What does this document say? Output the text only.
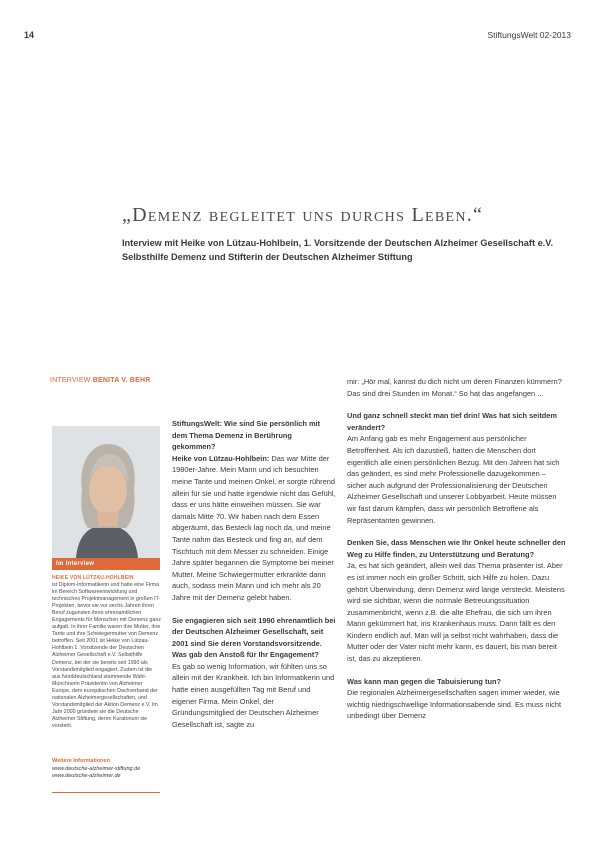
14	StiftungsWelt 02-2013
„Demenz begleitet uns durchs Leben.“
Interview mit Heike von Lützau-Hohlbein, 1. Vorsitzende der Deutschen Alzheimer Gesellschaft e.V.
Selbsthilfe Demenz und Stifterin der Deutschen Alzheimer Stiftung
INTERVIEW BENITA V. BEHR
Im Interview
HEIKE VON LÜTZAU-HOHLBEIN
ist Diplom-Informatikerin und hatte eine Firma im Bereich Softwareentwicklung und technisches Projektmanagement in großen IT-Projekten, bevor sie vor sechs Jahren ihren Beruf zugunsten ihres ehrenamtlichen Engagements für Menschen mit Demenz ganz aufgab. In ihrer Familie waren ihre Mutter, ihre Tante und ihre Schwiegermutter von Demenz betroffen. Seit 2001 ist Heike von Lützau-Hohlbein 1. Vorsitzende der Deutschen Alzheimer Gesellschaft e.V. Selbsthilfe Demenz, bei der sie bereits seit 1990 als Vorstandsmitglied engagiert. Zudem ist die aus Norddeutschland stammende Wahl-Münchnerin Präsidentin von Alzheimer Europe, dem europäischen Dachverband der nationalen Alzheimergesellschaften, und Vorstandsmitglied der Aktion Demenz e.V. Im Jahr 2000 gründete sie die Deutsche Alzheimer Stiftung, deren Kuratorium sie vorsteht.
Weitere Informationen
www.deutsche-alzheimer-stiftung.de
www.deutsche-alzheimer.de

StiftungsWelt: Wie sind Sie persönlich mit dem Thema Demenz in Berührung gekommen?

Heike von Lützau-Hohlbein: Das war Mitte der 1980er-Jahre. Mein Mann und ich besuchten meine Tante und meinen Onkel, er sorgte rührend allein für sie und hatte irgendwie nicht das Gefühl, dass er uns hätte einweihen müssen. Sie war damals Mitte 70. Wir haben nach dem Essen abgeräumt, das Besteck lag noch da, und meine Tante nahm das Besteck und fing an, auf dem Tischtuch mit dem Messer zu schneiden. Einige Jahre später begannen die Symptome bei meiner Mutter. Meine Schwiegermutter erkrankte dann auch, sodass mein Mann und ich mehr als 20 Jahre mit der Demenz gelebt haben.

Sie engagieren sich seit 1990 ehrenamtlich bei der Deutschen Alzheimer Gesellschaft, seit 2001 sind Sie deren Vorstandsvorsitzende. Was gab den Anstoß für Ihr Engagement?

Es gab so wenig Information, wir fühlten uns so allein mit der Krankheit. Ich bin Informatikerin und hatte einen ausgefüllten Tag mit Beruf und eigener Firma. Mein Onkel, der Gründungsmitglied der Deutschen Alzheimer Gesellschaft ist, sagte zu

mir: „Hör mal, kannst du dich nicht um deren Finanzen kümmern? Das sind drei Stunden im Monat.“ So hat das angefangen ...

Und ganz schnell steckt man tief drin! Was hat sich seitdem verändert?

Am Anfang gab es mehr Engagement aus persönlicher Betroffenheit. Als ich dazustieß, hatten die Menschen dort eigentlich alle einen persönlichen Bezug. Mit den Jahren hat sich das geändert, es sind mehr Professionelle dazugekommen – sicher auch aufgrund der Professionalisierung der Deutschen Alzheimer Gesellschaft und unserer Lobbyarbeit. Heute müssen wir fast darum kämpfen, dass wir persönlich Betroffene als Repräsentanten gewinnen.

Denken Sie, dass Menschen wie Ihr Onkel heute schneller den Weg zu Hilfe finden, zu Unterstützung und Beratung?

Ja, es hat sich geändert, allein weil das Thema präsenter ist. Aber es ist immer noch ein großer Schritt, sich Hilfe zu holen. Dazu gehört Überwindung, denn Demenz wird lange versteckt. Meistens wird sie sichtbar, wenn die normale Betreuungssituation zusammenbricht, wenn z.B. die alte Ehefrau, die sich um ihren Mann gekümmert hat, ins Krankenhaus muss. Dann fällt es den Kindern endlich auf. Man will ja selbst nicht wahrhaben, dass die Mutter oder der Vater nicht mehr kann, es dauert, bis man bereit ist, das zu akzeptieren.

Was kann man gegen die Tabuisierung tun?

Die regionalen Alzheimergesellschaften sagen immer wieder, wie wichtig niedrigschwellige Informationsabende sind. Es muss nicht unbedingt über Demenz
